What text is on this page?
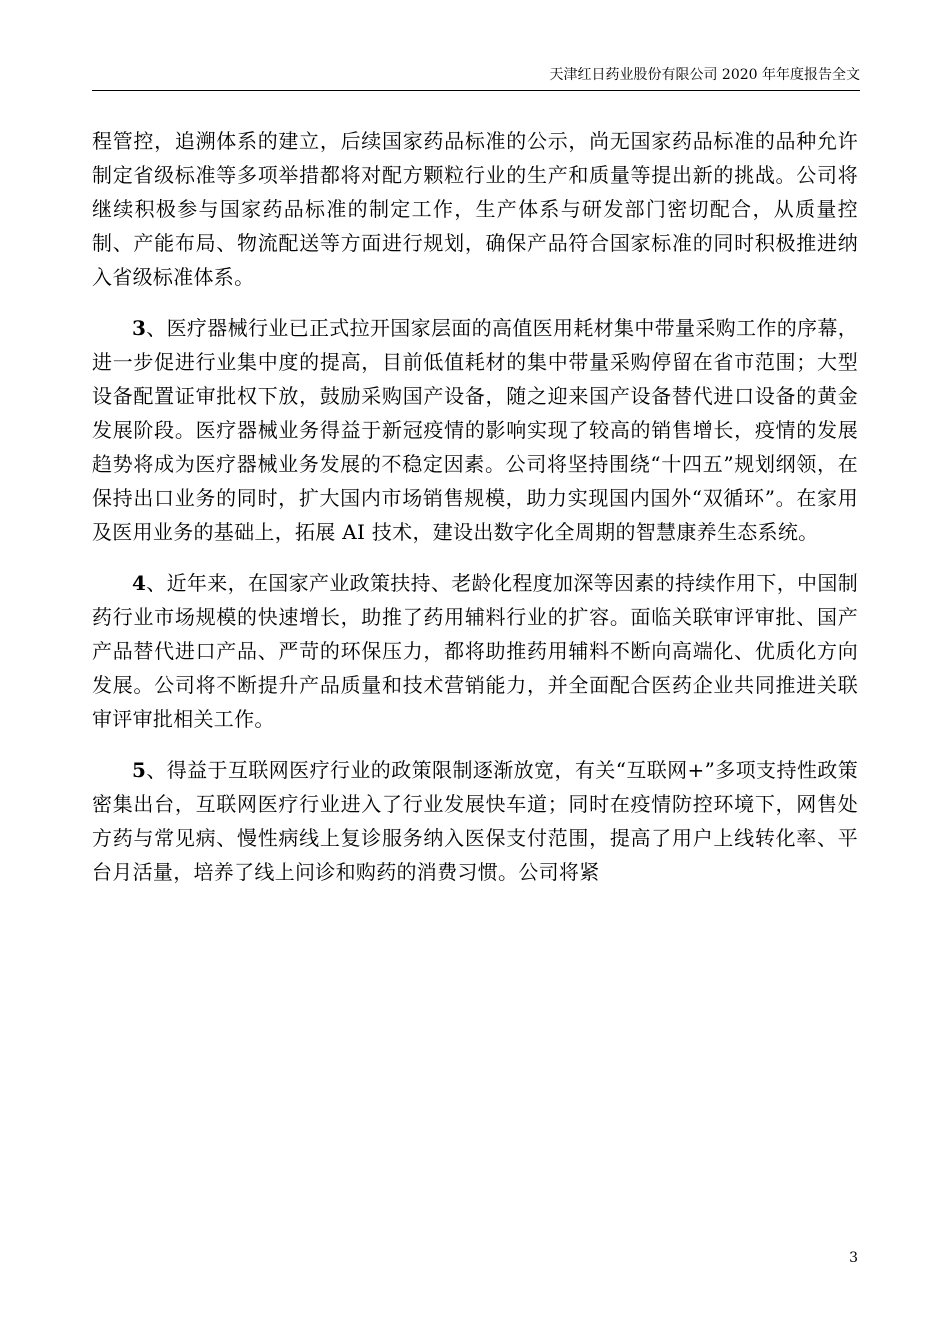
天津红日药业股份有限公司 2020 年年度报告全文

程管控，追溯体系的建立，后续国家药品标准的公示，尚无国家药品标准的品种允许制定省级标准等多项举措都将对配方颗粒行业的生产和质量等提出新的挑战。公司将继续积极参与国家药品标准的制定工作，生产体系与研发部门密切配合，从质量控制、产能布局、物流配送等方面进行规划，确保产品符合国家标准的同时积极推进纳入省级标准体系。

3、医疗器械行业已正式拉开国家层面的高值医用耗材集中带量采购工作的序幕，进一步促进行业集中度的提高，目前低值耗材的集中带量采购停留在省市范围；大型设备配置证审批权下放，鼓励采购国产设备，随之迎来国产设备替代进口设备的黄金发展阶段。医疗器械业务得益于新冠疫情的影响实现了较高的销售增长，疫情的发展趋势将成为医疗器械业务发展的不稳定因素。公司将坚持围绕“十四五”规划纲领，在保持出口业务的同时，扩大国内市场销售规模，助力实现国内国外“双循环”。在家用及医用业务的基础上，拓展 AI 技术，建设出数字化全周期的智慧康养生态系统。

4、近年来，在国家产业政策扶持、老龄化程度加深等因素的持续作用下，中国制药行业市场规模的快速增长，助推了药用辅料行业的扩容。面临关联审评审批、国产产品替代进口产品、严苛的环保压力，都将助推药用辅料不断向高端化、优质化方向发展。公司将不断提升产品质量和技术营销能力，并全面配合医药企业共同推进关联审评审批相关工作。

5、得益于互联网医疗行业的政策限制逐渐放宽，有关“互联网+”多项支持性政策密集出台，互联网医疗行业进入了行业发展快车道；同时在疫情防控环境下，网售处方药与常见病、慢性病线上复诊服务纳入医保支付范围，提高了用户上线转化率、平台月活量，培养了线上问诊和购药的消费习惯。公司将紧

3
